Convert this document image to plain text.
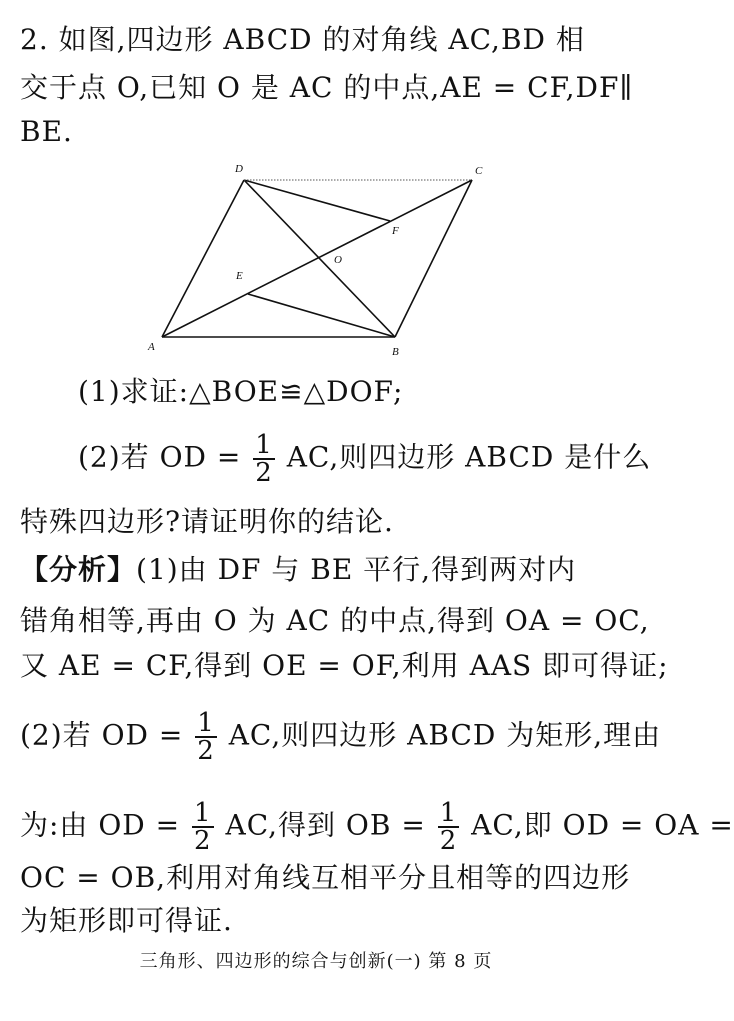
2. 如图,四边形 ABCD 的对角线 AC,BD 相
交于点 O,已知 O 是 AC 的中点,AE = CF,DF∥
BE.
D	C
F
O
E
A	B
(1)求证:△BOE≌△DOF;
(2)若 OD = $\frac{1}{2}$ AC,则四边形 ABCD 是什么
特殊四边形?请证明你的结论.
【分析】(1)由 DF 与 BE 平行,得到两对内
错角相等,再由 O 为 AC 的中点,得到 OA = OC,
又 AE = CF,得到 OE = OF,利用 AAS 即可得证;
(2)若 OD = $\frac{1}{2}$ AC,则四边形 ABCD 为矩形,理由
为:由 OD = $\frac{1}{2}$ AC,得到 OB = $\frac{1}{2}$ AC,即 OD = OA =
OC = OB,利用对角线互相平分且相等的四边形
为矩形即可得证.
三角形、四边形的综合与创新(一) 第 8 页
